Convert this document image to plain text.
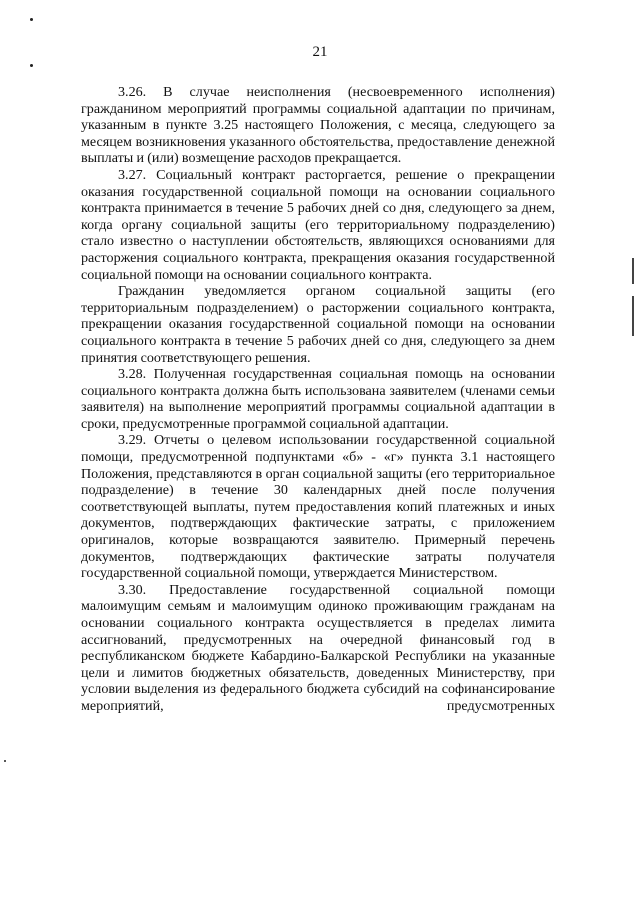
21

3.26. В случае неисполнения (несвоевременного исполнения) гражданином мероприятий программы социальной адаптации по причинам, указанным в пункте 3.25 настоящего Положения, с месяца, следующего за месяцем возникновения указанного обстоятельства, предоставление денежной выплаты и (или) возмещение расходов прекращается.

3.27. Социальный контракт расторгается, решение о прекращении оказания государственной социальной помощи на основании социального контракта принимается в течение 5 рабочих дней со дня, следующего за днем, когда органу социальной защиты (его территориальному подразделению) стало известно о наступлении обстоятельств, являющихся основаниями для расторжения социального контракта, прекращения оказания государственной социальной помощи на основании социального контракта.

Гражданин уведомляется органом социальной защиты (его территориальным подразделением) о расторжении социального контракта, прекращении оказания государственной социальной помощи на основании социального контракта в течение 5 рабочих дней со дня, следующего за днем принятия соответствующего решения.

3.28. Полученная государственная социальная помощь на основании социального контракта должна быть использована заявителем (членами семьи заявителя) на выполнение мероприятий программы социальной адаптации в сроки, предусмотренные программой социальной адаптации.

3.29. Отчеты о целевом использовании государственной социальной помощи, предусмотренной подпунктами «б» - «г» пункта 3.1 настоящего Положения, представляются в орган социальной защиты (его территориальное подразделение) в течение 30 календарных дней после получения соответствующей выплаты, путем предоставления копий платежных и иных документов, подтверждающих фактические затраты, с приложением оригиналов, которые возвращаются заявителю. Примерный перечень документов, подтверждающих фактические затраты получателя государственной социальной помощи, утверждается Министерством.

3.30. Предоставление государственной социальной помощи малоимущим семьям и малоимущим одиноко проживающим гражданам на основании социального контракта осуществляется в пределах лимита ассигнований, предусмотренных на очередной финансовый год в республиканском бюджете Кабардино-Балкарской Республики на указанные цели и лимитов бюджетных обязательств, доведенных Министерству, при условии выделения из федерального бюджета субсидий на софинансирование мероприятий, предусмотренных
